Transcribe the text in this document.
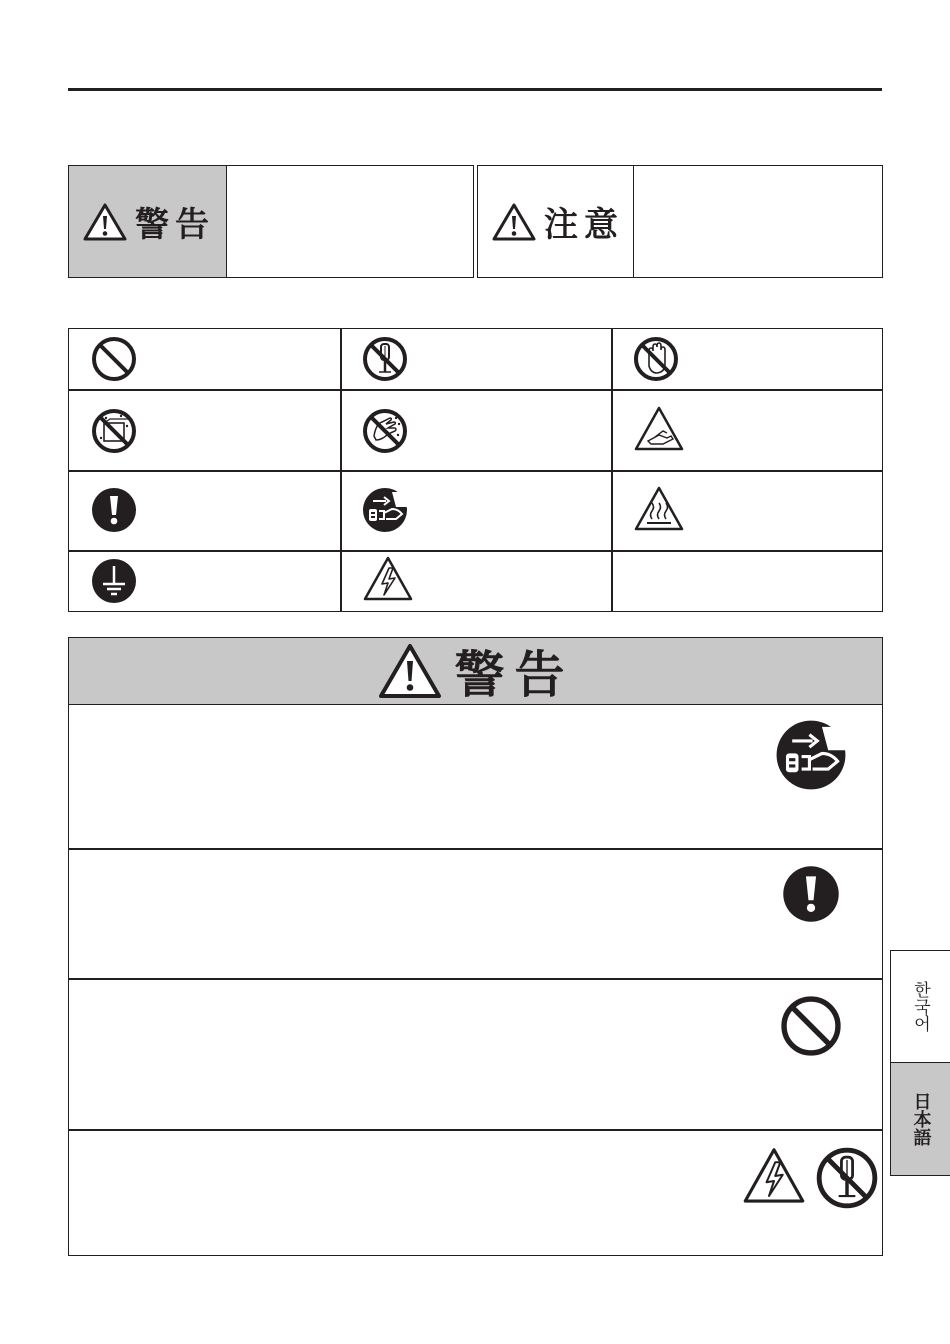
警告	注意
警告
한국어
日本語
